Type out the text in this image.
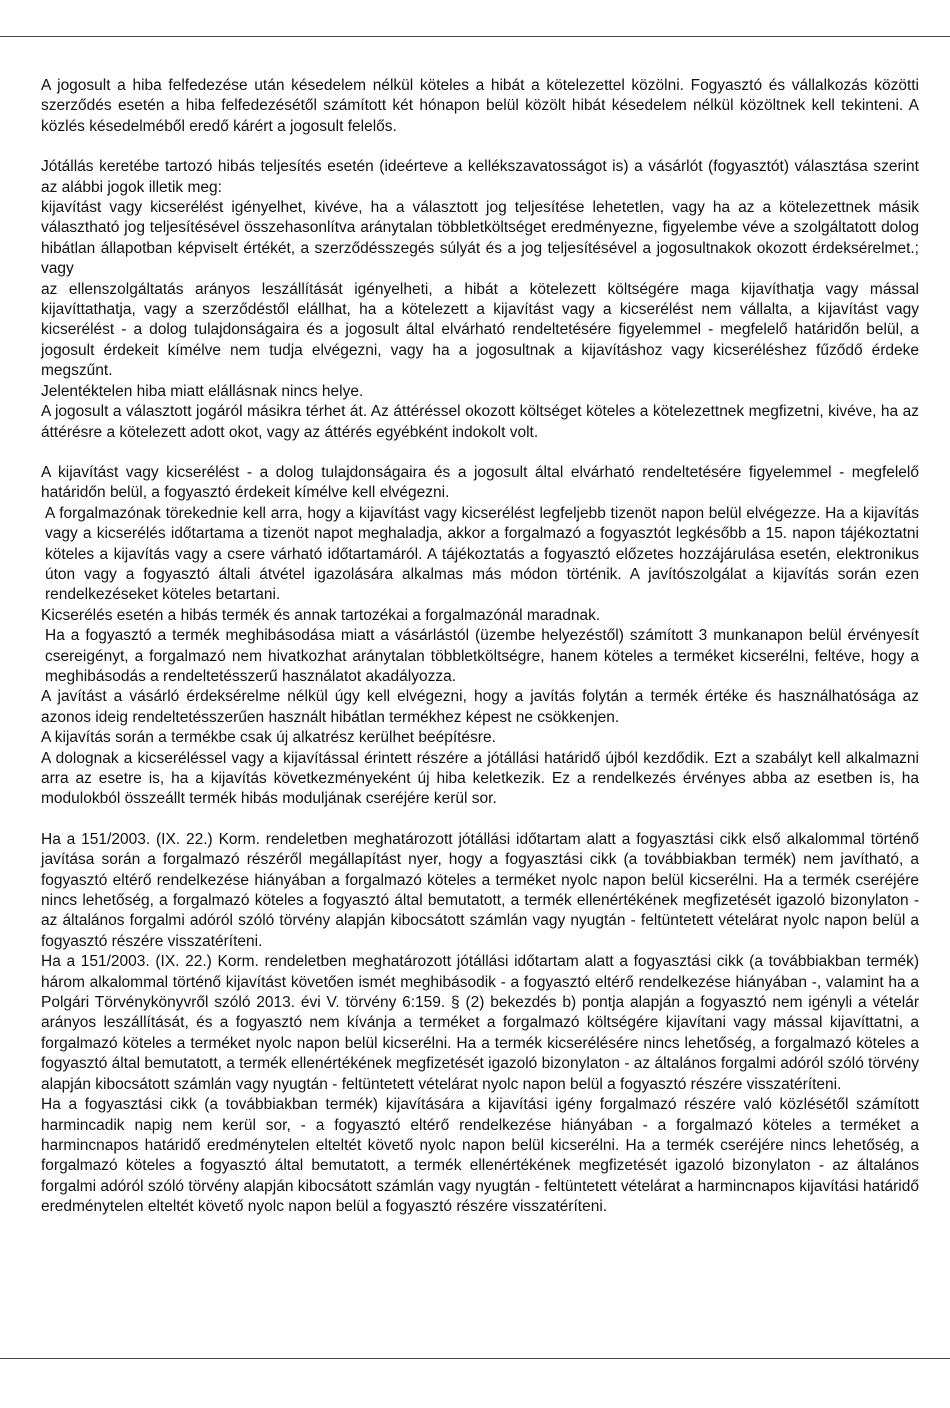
A jogosult a hiba felfedezése után késedelem nélkül köteles a hibát a kötelezettel közölni. Fogyasztó és vállalkozás közötti szerződés esetén a hiba felfedezésétől számított két hónapon belül közölt hibát késedelem nélkül közöltnek kell tekinteni. A közlés késedelméből eredő kárért a jogosult felelős.

Jótállás keretébe tartozó hibás teljesítés esetén (ideérteve a kellékszavatosságot is) a vásárlót (fogyasztót) választása szerint az alábbi jogok illetik meg:

kijavítást vagy kicserélést igényelhet, kivéve, ha a választott jog teljesítése lehetetlen, vagy ha az a kötelezettnek másik választható jog teljesítésével összehasonlítva aránytalan többletköltséget eredményezne, figyelembe véve a szolgáltatott dolog hibátlan állapotban képviselt értékét, a szerződésszegés súlyát és a jog teljesítésével a jogosultnakok okozott érdeksérelmet.; vagy

az ellenszolgáltatás arányos leszállítását igényelheti, a hibát a kötelezett költségére maga kijavíthatja vagy mással kijavíttathatja, vagy a szerződéstől elállhat, ha a kötelezett a kijavítást vagy a kicserélést nem vállalta, a kijavítást vagy kicserélést - a dolog tulajdonságaira és a jogosult által elvárható rendeltetésére figyelemmel - megfelelő határidőn belül, a jogosult érdekeit kímélve nem tudja elvégezni, vagy ha a jogosultnak a kijavításhoz vagy kicseréléshez fűződő érdeke megszűnt.

Jelentéktelen hiba miatt elállásnak nincs helye.

A jogosult a választott jogáról másikra térhet át. Az áttéréssel okozott költséget köteles a kötelezettnek megfizetni, kivéve, ha az áttérésre a kötelezett adott okot, vagy az áttérés egyébként indokolt volt.

A kijavítást vagy kicserélést - a dolog tulajdonságaira és a jogosult által elvárható rendeltetésére figyelemmel - megfelelő határidőn belül, a fogyasztó érdekeit kímélve kell elvégezni.

A forgalmazónak törekednie kell arra, hogy a kijavítást vagy kicserélést legfeljebb tizenöt napon belül elvégezze. Ha a kijavítás vagy a kicserélés időtartama a tizenöt napot meghaladja, akkor a forgalmazó a fogyasztót legkésőbb a 15. napon tájékoztatni köteles a kijavítás vagy a csere várható időtartamáról. A tájékoztatás a fogyasztó előzetes hozzájárulása esetén, elektronikus úton vagy a fogyasztó általi átvétel igazolására alkalmas más módon történik. A javítószolgálat a kijavítás során ezen rendelkezéseket köteles betartani.

Kicserélés esetén a hibás termék és annak tartozékai a forgalmazónál maradnak.

Ha a fogyasztó a termék meghibásodása miatt a vásárlástól (üzembe helyezéstől) számított 3 munkanapon belül érvényesít csereigényt, a forgalmazó nem hivatkozhat aránytalan többletköltségre, hanem köteles a terméket kicserélni, feltéve, hogy a meghibásodás a rendeltetésszerű használatot akadályozza.

A javítást a vásárló érdeksérelme nélkül úgy kell elvégezni, hogy a javítás folytán a termék értéke és használhatósága az azonos ideig rendeltetésszerűen használt hibátlan termékhez képest ne csökkenjen.

A kijavítás során a termékbe csak új alkatrész kerülhet beépítésre.

A dolognak a kicseréléssel vagy a kijavítással érintett részére a jótállási határidő újból kezdődik. Ezt a szabályt kell alkalmazni arra az esetre is, ha a kijavítás következményeként új hiba keletkezik. Ez a rendelkezés érvényes abba az esetben is, ha modulokból összeállt termék hibás moduljának cseréjére kerül sor.

Ha a 151/2003. (IX. 22.) Korm. rendeletben meghatározott jótállási időtartam alatt a fogyasztási cikk első alkalommal történő javítása során a forgalmazó részéről megállapítást nyer, hogy a fogyasztási cikk (a továbbiakban termék) nem javítható, a fogyasztó eltérő rendelkezése hiányában a forgalmazó köteles a terméket nyolc napon belül kicserélni. Ha a termék cseréjére nincs lehetőség, a forgalmazó köteles a fogyasztó által bemutatott, a termék ellenértékének megfizetését igazoló bizonylaton - az általános forgalmi adóról szóló törvény alapján kibocsátott számlán vagy nyugtán - feltüntetett vételárat nyolc napon belül a fogyasztó részére visszatéríteni.

Ha a 151/2003. (IX. 22.) Korm. rendeletben meghatározott jótállási időtartam alatt a fogyasztási cikk (a továbbiakban termék) három alkalommal történő kijavítást követően ismét meghibásodik - a fogyasztó eltérő rendelkezése hiányában -, valamint ha a Polgári Törvénykönyvről szóló 2013. évi V. törvény 6:159. § (2) bekezdés b) pontja alapján a fogyasztó nem igényli a vételár arányos leszállítását, és a fogyasztó nem kívánja a terméket a forgalmazó költségére kijavítani vagy mással kijavíttatni, a forgalmazó köteles a terméket nyolc napon belül kicserélni. Ha a termék kicserélésére nincs lehetőség, a forgalmazó köteles a fogyasztó által bemutatott, a termék ellenértékének megfizetését igazoló bizonylaton - az általános forgalmi adóról szóló törvény alapján kibocsátott számlán vagy nyugtán - feltüntetett vételárat nyolc napon belül a fogyasztó részére visszatéríteni.

Ha a fogyasztási cikk (a továbbiakban termék) kijavítására a kijavítási igény forgalmazó részére való közlésétől számított harmincadik napig nem kerül sor, - a fogyasztó eltérő rendelkezése hiányában - a forgalmazó köteles a terméket a harmincnapos határidő eredménytelen elteltét követő nyolc napon belül kicserélni. Ha a termék cseréjére nincs lehetőség, a forgalmazó köteles a fogyasztó által bemutatott, a termék ellenértékének megfizetését igazoló bizonylaton - az általános forgalmi adóról szóló törvény alapján kibocsátott számlán vagy nyugtán - feltüntetett vételárat a harmincnapos kijavítási határidő eredménytelen elteltét követő nyolc napon belül a fogyasztó részére visszatéríteni.
